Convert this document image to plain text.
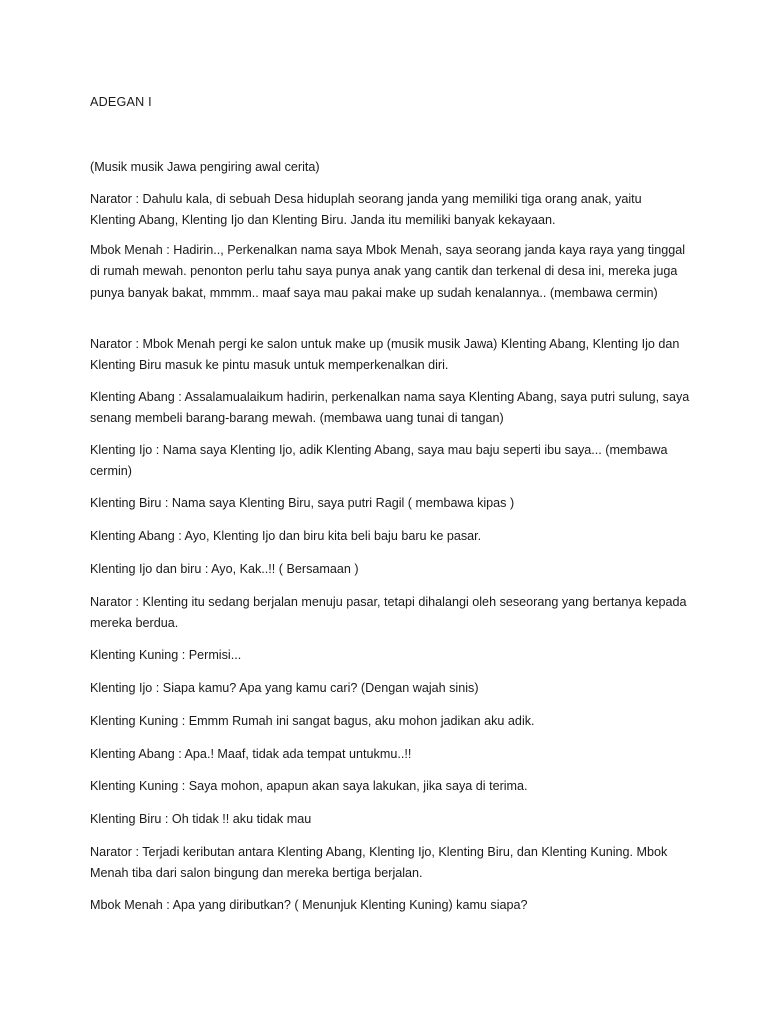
ADEGAN I

(Musik musik Jawa pengiring awal cerita)

Narator : Dahulu kala, di sebuah Desa hiduplah seorang janda yang memiliki tiga orang anak, yaitu Klenting Abang, Klenting Ijo dan Klenting Biru. Janda itu memiliki banyak kekayaan.

Mbok Menah : Hadirin.., Perkenalkan nama saya Mbok Menah, saya seorang janda kaya raya yang tinggal di rumah mewah. penonton perlu tahu saya punya anak yang cantik dan terkenal di desa ini, mereka juga punya banyak bakat, mmmm.. maaf saya mau pakai make up sudah kenalannya.. (membawa cermin)

Narator : Mbok Menah pergi ke salon untuk make up (musik musik Jawa) Klenting Abang, Klenting Ijo dan Klenting Biru masuk ke pintu masuk untuk memperkenalkan diri.

Klenting Abang : Assalamualaikum hadirin, perkenalkan nama saya Klenting Abang, saya putri sulung, saya senang membeli barang-barang mewah. (membawa uang tunai di tangan)

Klenting Ijo : Nama saya Klenting Ijo, adik Klenting Abang, saya mau baju seperti ibu saya... (membawa cermin)

Klenting Biru : Nama saya Klenting Biru, saya putri Ragil ( membawa kipas )

Klenting Abang : Ayo, Klenting Ijo dan biru kita beli baju baru ke pasar.

Klenting Ijo dan biru : Ayo, Kak..!! ( Bersamaan )

Narator : Klenting itu sedang berjalan menuju pasar, tetapi dihalangi oleh seseorang yang bertanya kepada mereka berdua.

Klenting Kuning : Permisi...

Klenting Ijo : Siapa kamu? Apa yang kamu cari? (Dengan wajah sinis)

Klenting Kuning : Emmm Rumah ini sangat bagus, aku mohon jadikan aku adik.

Klenting Abang : Apa.! Maaf, tidak ada tempat untukmu..!!

Klenting Kuning : Saya mohon, apapun akan saya lakukan, jika saya di terima.

Klenting Biru : Oh tidak !! aku tidak mau

Narator : Terjadi keributan antara Klenting Abang, Klenting Ijo, Klenting Biru, dan Klenting Kuning. Mbok Menah tiba dari salon bingung dan mereka bertiga berjalan.

Mbok Menah : Apa yang diributkan? ( Menunjuk Klenting Kuning) kamu siapa?
